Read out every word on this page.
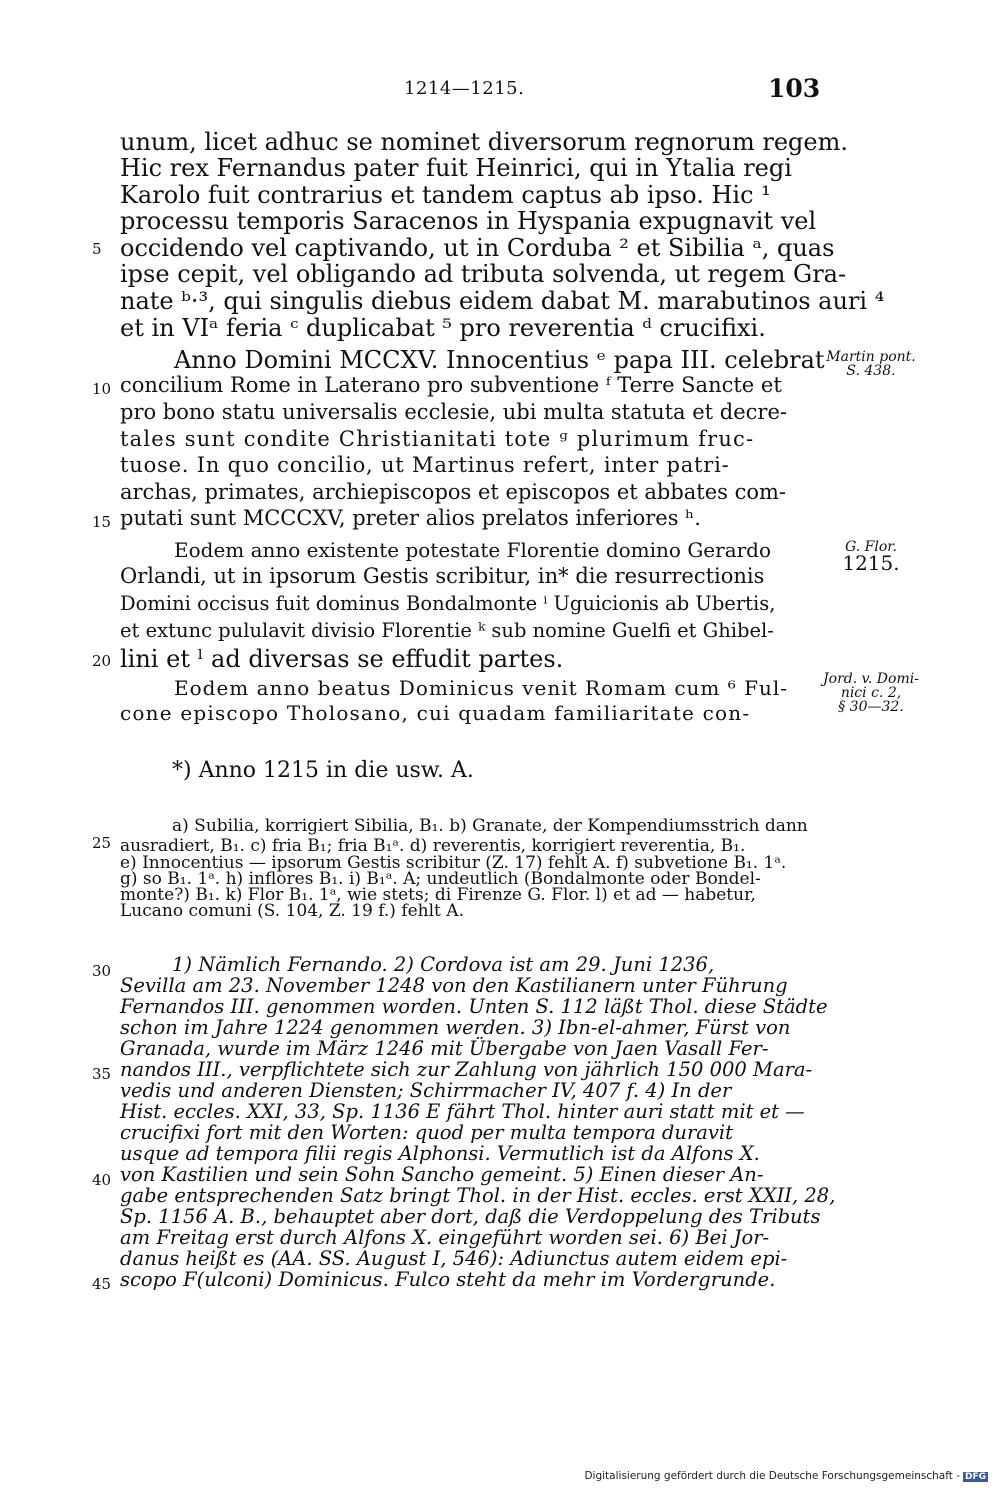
1214—1215.	103
unum, licet adhuc se nominet diversorum regnorum regem.
Hic rex Fernandus pater fuit Heinrici, qui in Ytalia regi
Karolo fuit contrarius et tandem captus ab ipso. Hic ¹
processu temporis Saracenos in Hyspania expugnavit vel
occidendo vel captivando, ut in Corduba ² et Sibilia ᵃ, quas
ipse cepit, vel obligando ad tributa solvenda, ut regem Gra-
nate ᵇ·³, qui singulis diebus eidem dabat M. marabutinos auri ⁴
et in VIᵃ feria ᶜ duplicabat ⁵ pro reverentia ᵈ crucifixi.
Anno Domini MCCXV. Innocentius ᵉ papa III. celebrat
concilium Rome in Laterano pro subventione ᶠ Terre Sancte et
pro bono statu universalis ecclesie, ubi multa statuta et decre-
tales sunt condite Christianitati tote ᵍ plurimum fruc-
tuose. In quo concilio, ut Martinus refert, inter patri-
archas, primates, archiepiscopos et episcopos et abbates com-
putati sunt MCCCXV, preter alios prelatos inferiores ʰ.
Eodem anno existente potestate Florentie domino Gerardo
Orlandi, ut in ipsorum Gestis scribitur, in* die resurrectionis
Domini occisus fuit dominus Bondalmonte ⁱ Uguicionis ab Ubertis,
et extunc pululavit divisio Florentie ᵏ sub nomine Guelfi et Ghibel-
lini et ˡ ad diversas se effudit partes.
Eodem anno beatus Dominicus venit Romam cum ⁶ Ful-
cone episcopo Tholosano, cui quadam familiaritate con-
5
10
15
20
25
30
35
40
45
Martin pont.
S. 438.
G. Flor.
1215.
Jord. v. Domi-
nici c. 2,
§ 30—32.
*) Anno 1215 in die usw. A.
a) Subilia, korrigiert Sibilia, B₁. b) Granate, der Kompendiumsstrich dann
ausradiert, B₁. c) fria B₁; fria B₁ᵃ. d) reverentis, korrigiert reverentia, B₁.
e) Innocentius — ipsorum Gestis scribitur (Z. 17) fehlt A. f) subvetione B₁. 1ᵃ.
g) so B₁. 1ᵃ. h) inflores B₁. i) B₁ᵃ. A; undeutlich (Bondalmonte oder Bondel-
monte?) B₁. k) Flor B₁. 1ᵃ, wie stets; di Firenze G. Flor. l) et ad — habetur,
Lucano comuni (S. 104, Z. 19 f.) fehlt A.
1) Nämlich Fernando. 2) Cordova ist am 29. Juni 1236,
Sevilla am 23. November 1248 von den Kastilianern unter Führung
Fernandos III. genommen worden. Unten S. 112 läßt Thol. diese Städte
schon im Jahre 1224 genommen werden. 3) Ibn-el-ahmer, Fürst von
Granada, wurde im März 1246 mit Übergabe von Jaen Vasall Fer-
nandos III., verpflichtete sich zur Zahlung von jährlich 150 000 Mara-
vedis und anderen Diensten; Schirrmacher IV, 407 f. 4) In der
Hist. eccles. XXI, 33, Sp. 1136 E fährt Thol. hinter auri statt mit et —
crucifixi fort mit den Worten: quod per multa tempora duravit
usque ad tempora filii regis Alphonsi. Vermutlich ist da Alfons X.
von Kastilien und sein Sohn Sancho gemeint. 5) Einen dieser An-
gabe entsprechenden Satz bringt Thol. in der Hist. eccles. erst XXII, 28,
Sp. 1156 A. B., behauptet aber dort, daß die Verdoppelung des Tributs
am Freitag erst durch Alfons X. eingeführt worden sei. 6) Bei Jor-
danus heißt es (AA. SS. August I, 546): Adiunctus autem eidem epi-
scopo F(ulconi) Dominicus. Fulco steht da mehr im Vordergrunde.
Digitalisierung gefördert durch die Deutsche Forschungsgemeinschaft - DFG
